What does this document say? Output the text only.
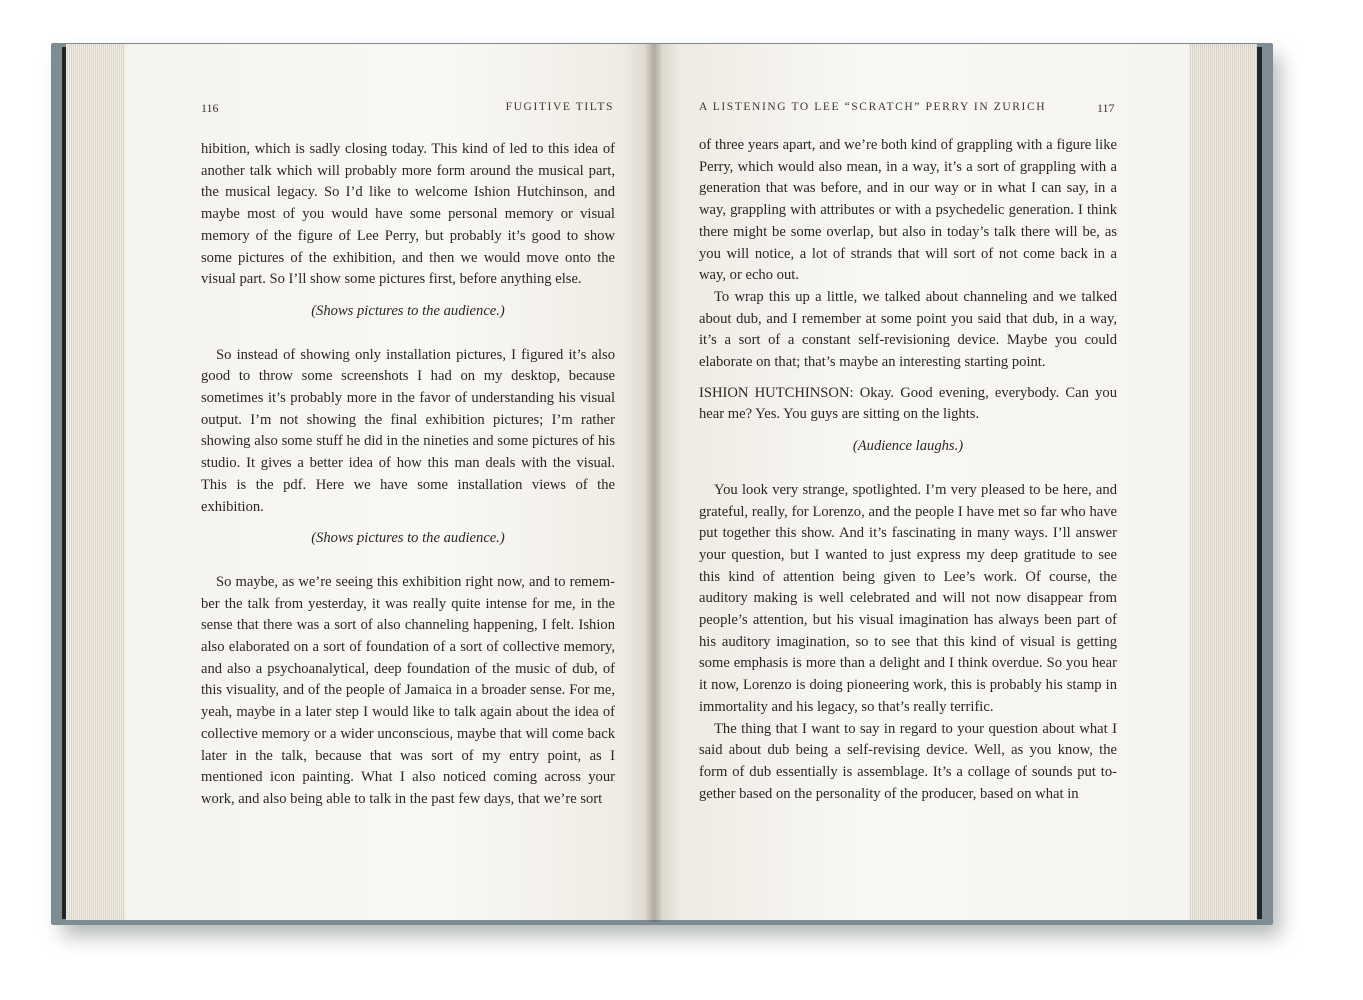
116	FUGITIVE TILTS	A LISTENING TO LEE “SCRATCH” PERRY IN ZURICH	117

hibition, which is sadly closing today. This kind of led to this idea of another talk which will probably more form around the musical part, the musical legacy. So I’d like to welcome Ishion Hutchinson, and maybe most of you would have some personal memory or visual memory of the figure of Lee Perry, but probably it’s good to show some pictures of the exhibition, and then we would move onto the visual part. So I’ll show some pictures first, before anything else.

(Shows pictures to the audience.)

So instead of showing only installation pictures, I figured it’s also good to throw some screenshots I had on my desktop, because sometimes it’s probably more in the favor of understanding his visual output. I’m not showing the final exhibition pictures; I’m rather showing also some stuff he did in the nineties and some pictures of his studio. It gives a better idea of how this man deals with the visual. This is the pdf. Here we have some installation views of the exhibition.

(Shows pictures to the audience.)

So maybe, as we’re seeing this exhibition right now, and to remember the talk from yesterday, it was really quite intense for me, in the sense that there was a sort of also channeling happening, I felt. Ishion also elaborated on a sort of foundation of a sort of collective memory, and also a psychoanalytical, deep foundation of the music of dub, of this visuality, and of the people of Jamaica in a broader sense. For me, yeah, maybe in a later step I would like to talk again about the idea of collective memory or a wider unconscious, maybe that will come back later in the talk, because that was sort of my entry point, as I mentioned icon painting. What I also noticed coming across your work, and also being able to talk in the past few days, that we’re sort

of three years apart, and we’re both kind of grappling with a figure like Perry, which would also mean, in a way, it’s a sort of grappling with a generation that was before, and in our way or in what I can say, in a way, grappling with attributes or with a psychedelic generation. I think there might be some overlap, but also in today’s talk there will be, as you will notice, a lot of strands that will sort of not come back in a way, or echo out.

To wrap this up a little, we talked about channeling and we talked about dub, and I remember at some point you said that dub, in a way, it’s a sort of a constant self-revisioning device. Maybe you could elaborate on that; that’s maybe an interesting starting point.

ISHION HUTCHINSON: Okay. Good evening, everybody. Can you hear me? Yes. You guys are sitting on the lights.

(Audience laughs.)

You look very strange, spotlighted. I’m very pleased to be here, and grateful, really, for Lorenzo, and the people I have met so far who have put together this show. And it’s fascinating in many ways. I’ll answer your question, but I wanted to just express my deep gratitude to see this kind of attention being given to Lee’s work. Of course, the auditory making is well celebrated and will not now disappear from people’s attention, but his visual imagination has always been part of his auditory imagination, so to see that this kind of visual is getting some emphasis is more than a delight and I think overdue. So you hear it now, Lorenzo is doing pioneering work, this is probably his stamp in immortality and his legacy, so that’s really terrific.

The thing that I want to say in regard to your question about what I said about dub being a self-revising device. Well, as you know, the form of dub essentially is assemblage. It’s a collage of sounds put together based on the personality of the producer, based on what in
